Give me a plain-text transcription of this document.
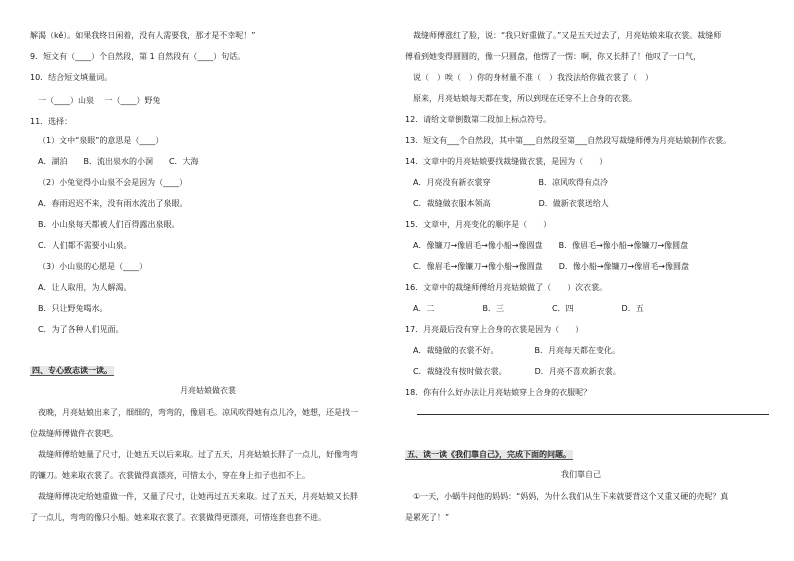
解渴（kě）。如果我终日闲着，没有人需要我，那才是不幸呢！”
9．短文有（____）个自然段，第 1 自然段有（____）句话。
10．结合短文填量词。
一（____）山泉　 一（____）野兔
11．选择：
（1）文中“泉眼”的意思是（____）
A．湖泊　　B．流出泉水的小洞　　C．大海
（2）小兔觉得小山泉不会是因为（____）
A．春雨迟迟不来，没有雨水流出了泉眼。
B．小山泉每天都被人们百得露出泉眼。
C．人们都不需要小山泉。
（3）小山泉的心愿是（____）
A．让人取用，为人解渴。
B．只让野兔喝水。
C．为了各种人们见面。
四、专心致志读一读。
月亮姑娘做衣裳
夜晚，月亮姑娘出来了，细细的，弯弯的，像眉毛。凉风吹得她有点儿冷，她想，还是找一
位裁缝师傅做件衣裳吧。
裁缝师傅给她量了尺寸，让她五天以后来取。过了五天，月亮姑娘长胖了一点儿，好像弯弯
的镰刀。她来取衣裳了。衣裳做得真漂亮，可惜太小，穿在身上扣子也扣不上。
裁缝师傅决定给她重做一件，又量了尺寸，让她再过五天来取。过了五天，月亮姑娘又长胖
了一点儿，弯弯的像只小船。她来取衣裳了。衣裳做得更漂亮，可惜连套也套不进。
裁缝师傅涨红了脸，说：“我只好重做了。”又是五天过去了，月亮姑娘来取衣裳。裁缝师
傅看到她变得圆圆的，像一只圆盘，他愣了一愣：啊，你又长胖了！他叹了一口气，
说（　）唉（　）你的身材量不准（　）我没法给你做衣裳了（　）
原来，月亮姑娘每天都在变，所以到现在还穿不上合身的衣裳。
12．请给文章倒数第二段加上标点符号。
13．短文有___个自然段，其中第___自然段至第___自然段写裁缝师傅为月亮姑娘制作衣裳。
14．文章中的月亮姑娘要找裁缝做衣裳，是因为（　　）
A．月亮没有新衣裳穿　　　　　　B．凉风吹得有点冷
C．裁缝做衣服本领高　　　　　　D．做新衣裳送给人
15．文章中，月亮变化的顺序是（　　）
A．像镰刀→像眉毛→像小船→像圆盘　　B．像眉毛→像小船→像镰刀→像圆盘
C．像眉毛→像镰刀→像小船→像圆盘　　D．像小船→像镰刀→像眉毛→像圆盘
16．文章中的裁缝师傅给月亮姑娘做了（　　）次衣裳。
A．二　　　　　　B．三　　　　　　C．四　　　　　　D．五
17．月亮最后没有穿上合身的衣裳是因为（　　）
A．裁缝做的衣裳不好。　　　　　B．月亮每天都在变化。
C．裁缝没有按时做衣裳。　　　　D．月亮不喜欢新衣裳。
18．你有什么好办法让月亮姑娘穿上合身的衣服呢？
五、读一读《我们靠自己》，完成下面的问题。
我们靠自己
①一天，小蜗牛问他的妈妈：“妈妈，为什么我们从生下来就要背这个又重又硬的壳呢？真
是累死了！”
